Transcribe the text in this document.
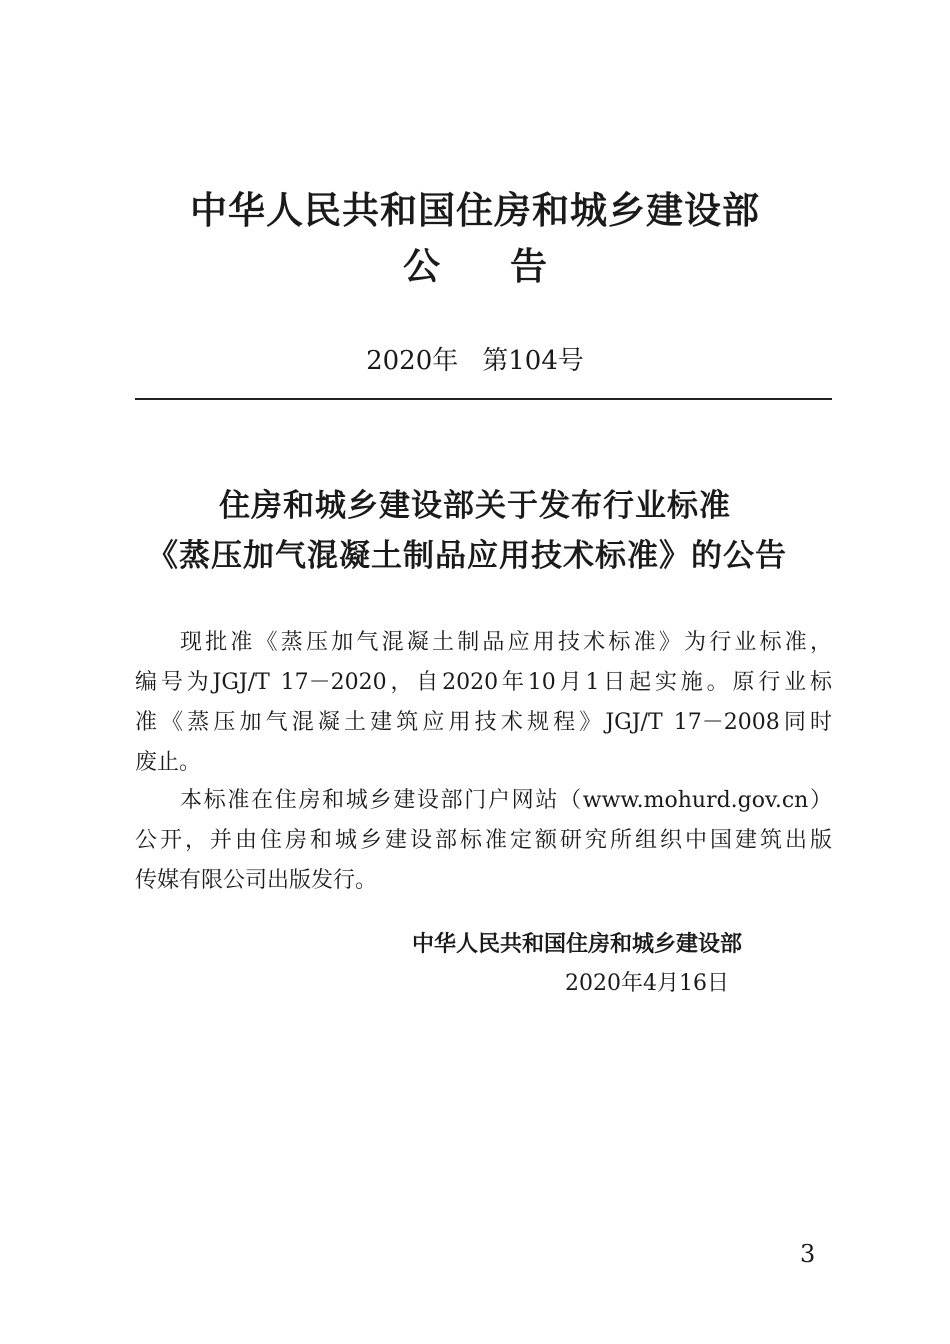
中华人民共和国住房和城乡建设部
公 告

2020年 第104号

住房和城乡建设部关于发布行业标准
《蒸压加气混凝土制品应用技术标准》的公告

现批准《蒸压加气混凝土制品应用技术标准》为行业标准，

编号为JGJ/T 17－2020，自2020年10月1日起实施。原行业标

准《蒸压加气混凝土建筑应用技术规程》JGJ/T 17－2008同时

废止。

本标准在住房和城乡建设部门户网站（www.mohurd.gov.cn）

公开，并由住房和城乡建设部标准定额研究所组织中国建筑出版

传媒有限公司出版发行。

中华人民共和国住房和城乡建设部

2020年4月16日

3
